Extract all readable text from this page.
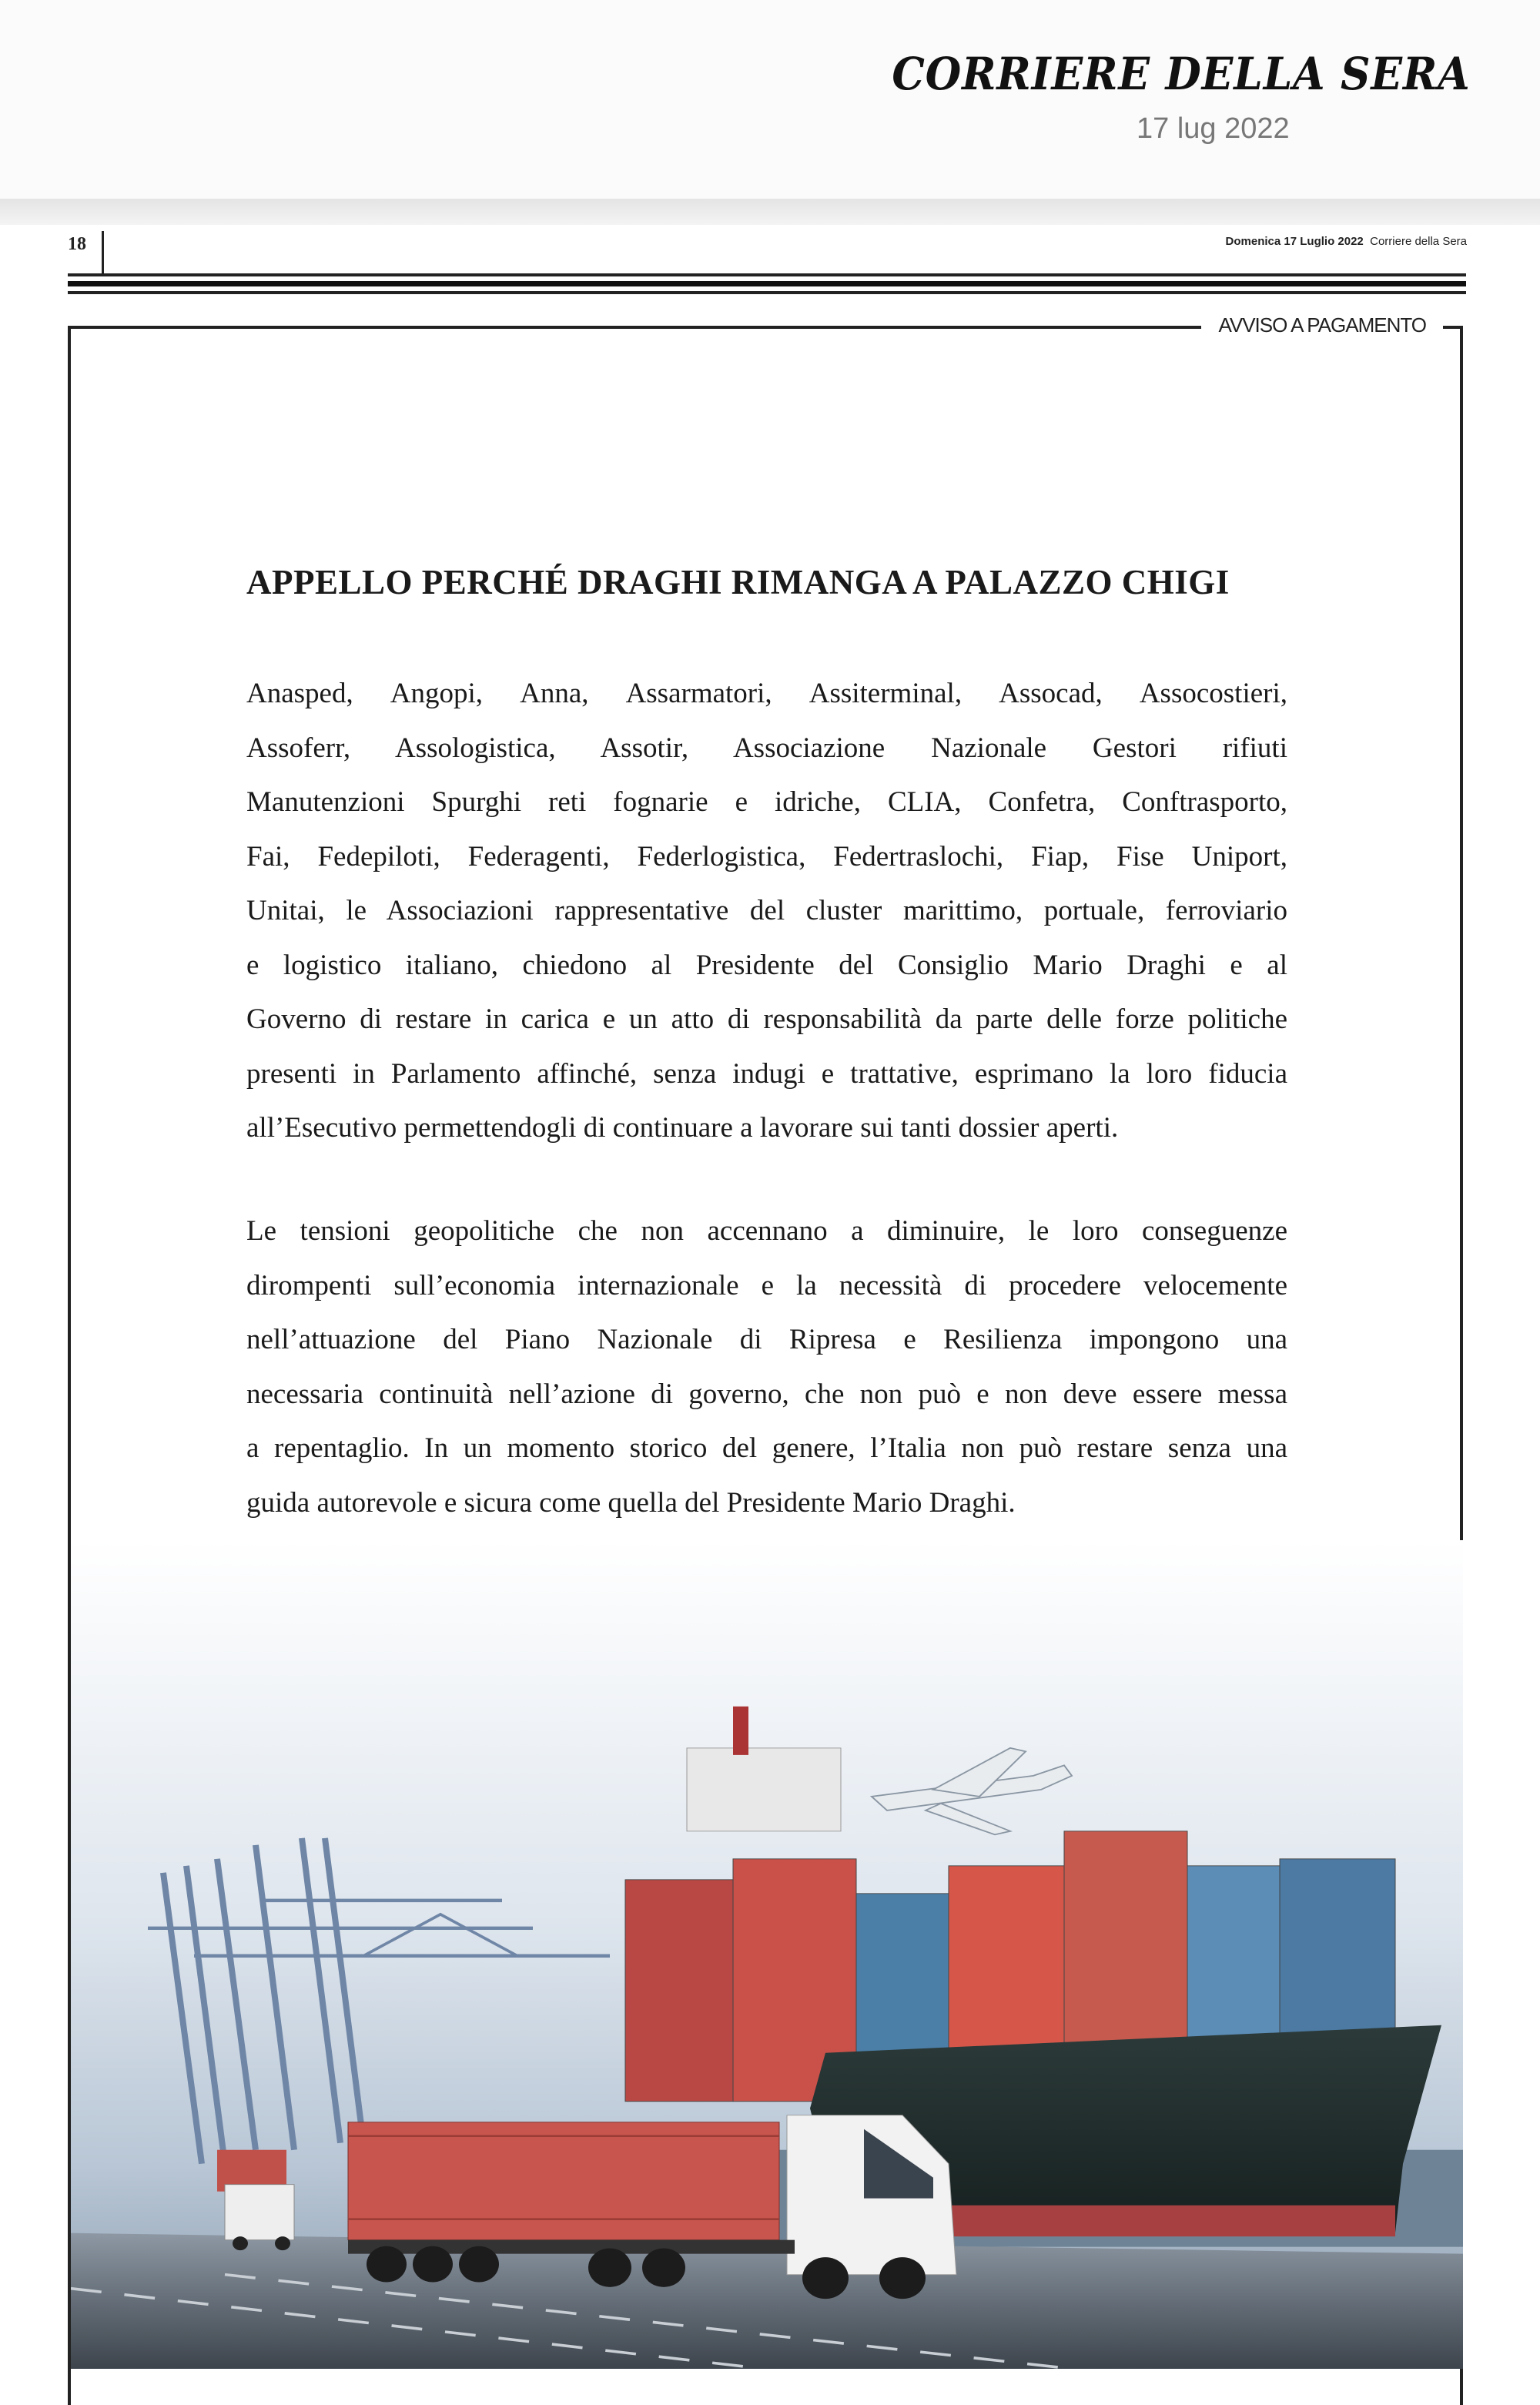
CORRIERE DELLA SERA
17 lug 2022
18	Domenica 17 Luglio 2022 Corriere della Sera
AVVISO A PAGAMENTO
APPELLO PERCHÉ DRAGHI RIMANGA A PALAZZO CHIGI
Anasped, Angopi, Anna, Assarmatori, Assiterminal, Assocad, Assocostieri,
Assoferr, Assologistica, Assotir, Associazione Nazionale Gestori rifiuti
Manutenzioni Spurghi reti fognarie e idriche, CLIA, Confetra, Conftrasporto,
Fai, Fedepiloti, Federagenti, Federlogistica, Federtraslochi, Fiap, Fise Uniport,
Unitai, le Associazioni rappresentative del cluster marittimo, portuale, ferroviario
e logistico italiano, chiedono al Presidente del Consiglio Mario Draghi e al
Governo di restare in carica e un atto di responsabilità da parte delle forze politiche
presenti in Parlamento affinché, senza indugi e trattative, esprimano la loro fiducia
all’Esecutivo permettendogli di continuare a lavorare sui tanti dossier aperti.
Le tensioni geopolitiche che non accennano a diminuire, le loro conseguenze
dirompenti sull’economia internazionale e la necessità di procedere velocemente
nell’attuazione del Piano Nazionale di Ripresa e Resilienza impongono una
necessaria continuità nell’azione di governo, che non può e non deve essere messa
a repentaglio. In un momento storico del genere, l’Italia non può restare senza una
guida autorevole e sicura come quella del Presidente Mario Draghi.
